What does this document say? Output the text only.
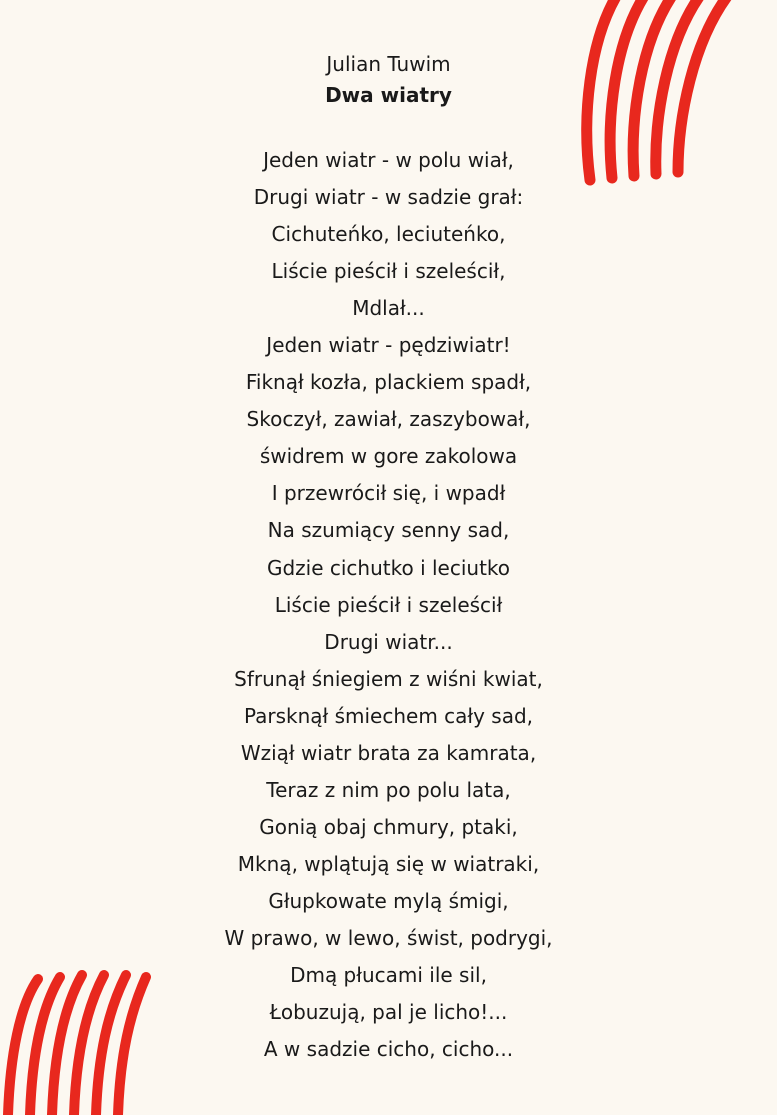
Julian Tuwim

Dwa wiatry
Jeden wiatr - w polu wiał,
Drugi wiatr - w sadzie grał:
Cichuteńko, leciuteńko,
Liście pieścił i szeleścił,
Mdlał...
Jeden wiatr - pędziwiatr!
Fiknął kozła, plackiem spadł,
Skoczył, zawiał, zaszybował,
świdrem w gore zakolowa
I przewrócił się, i wpadł
Na szumiący senny sad,
Gdzie cichutko i leciutko
Liście pieścił i szeleścił
Drugi wiatr...
Sfrunął śniegiem z wiśni kwiat,
Parsknął śmiechem cały sad,
Wziął wiatr brata za kamrata,
Teraz z nim po polu lata,
Gonią obaj chmury, ptaki,
Mkną, wplątują się w wiatraki,
Głupkowate mylą śmigi,
W prawo, w lewo, świst, podrygi,
Dmą płucami ile sil,
Łobuzują, pal je licho!...
A w sadzie cicho, cicho...
